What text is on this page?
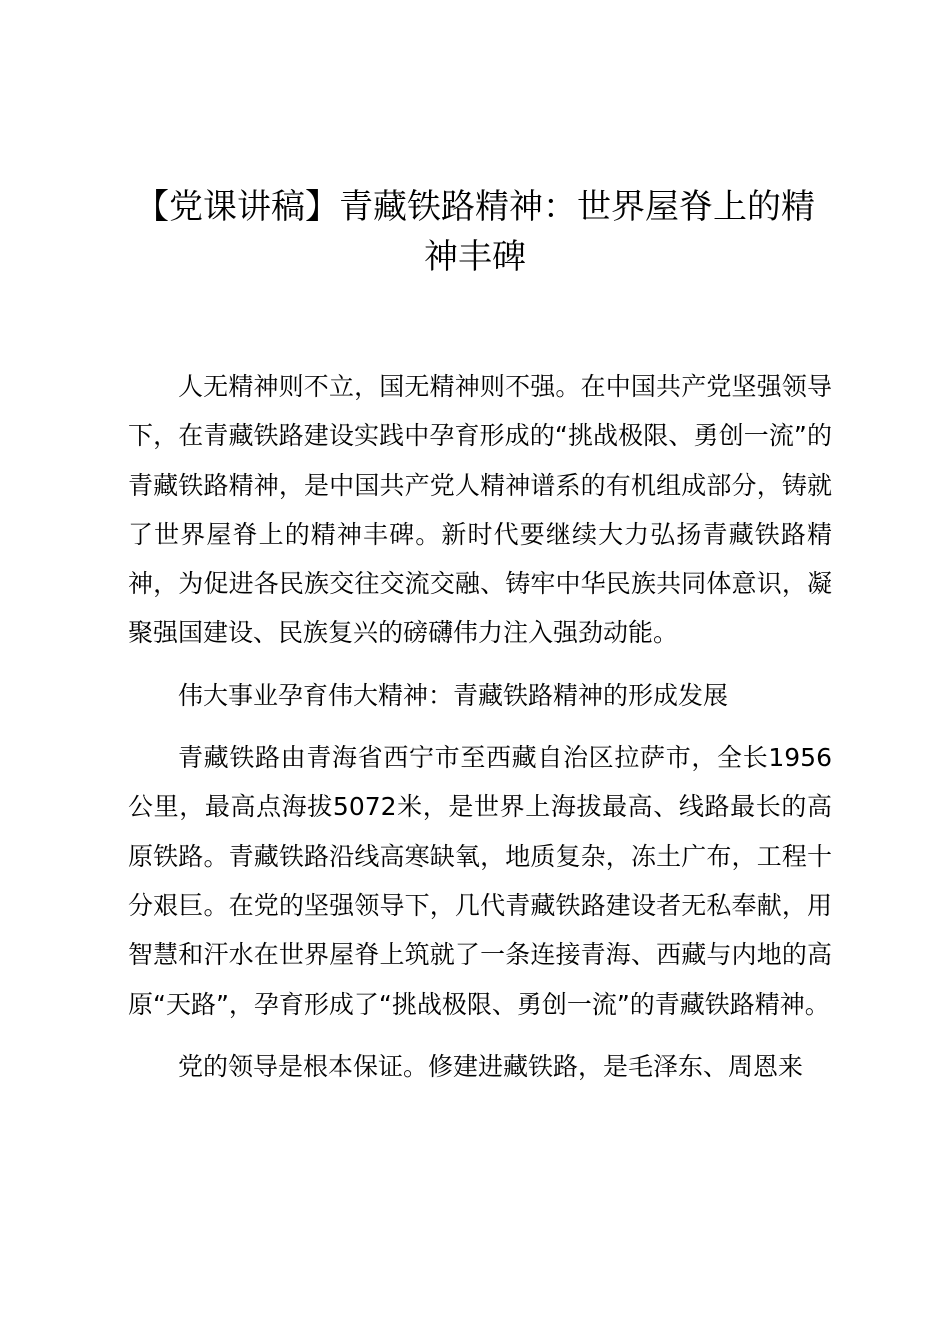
【党课讲稿】青藏铁路精神：世界屋脊上的精神丰碑

人无精神则不立，国无精神则不强。在中国共产党坚强领导下，在青藏铁路建设实践中孕育形成的“挑战极限、勇创一流”的青藏铁路精神，是中国共产党人精神谱系的有机组成部分，铸就了世界屋脊上的精神丰碑。新时代要继续大力弘扬青藏铁路精神，为促进各民族交往交流交融、铸牢中华民族共同体意识，凝聚强国建设、民族复兴的磅礴伟力注入强劲动能。

伟大事业孕育伟大精神：青藏铁路精神的形成发展

青藏铁路由青海省西宁市至西藏自治区拉萨市，全长1956公里，最高点海拔5072米，是世界上海拔最高、线路最长的高原铁路。青藏铁路沿线高寒缺氧，地质复杂，冻土广布，工程十分艰巨。在党的坚强领导下，几代青藏铁路建设者无私奉献，用智慧和汗水在世界屋脊上筑就了一条连接青海、西藏与内地的高原“天路”，孕育形成了“挑战极限、勇创一流”的青藏铁路精神。

党的领导是根本保证。修建进藏铁路，是毛泽东、周恩来
